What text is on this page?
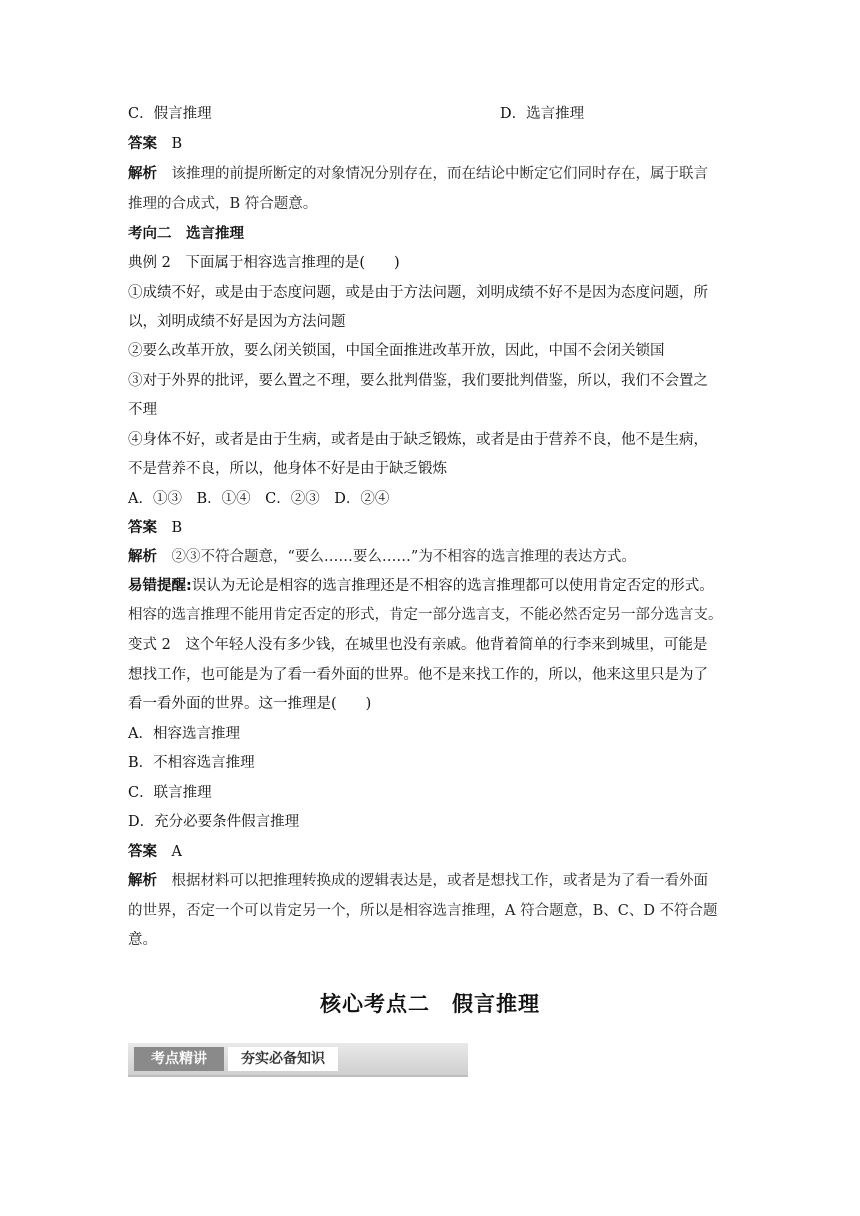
C．假言推理	D．选言推理
答案 B
解析 该推理的前提所断定的对象情况分别存在，而在结论中断定它们同时存在，属于联言
推理的合成式，B 符合题意。
考向二　选言推理
典例 2　下面属于相容选言推理的是(　　)
①成绩不好，或是由于态度问题，或是由于方法问题，刘明成绩不好不是因为态度问题，所
以，刘明成绩不好是因为方法问题
②要么改革开放，要么闭关锁国，中国全面推进改革开放，因此，中国不会闭关锁国
③对于外界的批评，要么置之不理，要么批判借鉴，我们要批判借鉴，所以，我们不会置之
不理
④身体不好，或者是由于生病，或者是由于缺乏锻炼，或者是由于营养不良，他不是生病，
不是营养不良，所以，他身体不好是由于缺乏锻炼
A．①③　B．①④　C．②③　D．②④
答案 B
解析 ②③不符合题意，“要么……要么……”为不相容的选言推理的表达方式。
易错提醒:误认为无论是相容的选言推理还是不相容的选言推理都可以使用肯定否定的形式。
相容的选言推理不能用肯定否定的形式，肯定一部分选言支，不能必然否定另一部分选言支。
变式 2　这个年轻人没有多少钱，在城里也没有亲戚。他背着简单的行李来到城里，可能是
想找工作，也可能是为了看一看外面的世界。他不是来找工作的，所以，他来这里只是为了
看一看外面的世界。这一推理是(　　)
A．相容选言推理
B．不相容选言推理
C．联言推理
D．充分必要条件假言推理
答案 A
解析 根据材料可以把推理转换成的逻辑表达是，或者是想找工作，或者是为了看一看外面
的世界，否定一个可以肯定另一个，所以是相容选言推理，A 符合题意，B、C、D 不符合题
意。
核心考点二　假言推理
考点精讲	夯实必备知识
